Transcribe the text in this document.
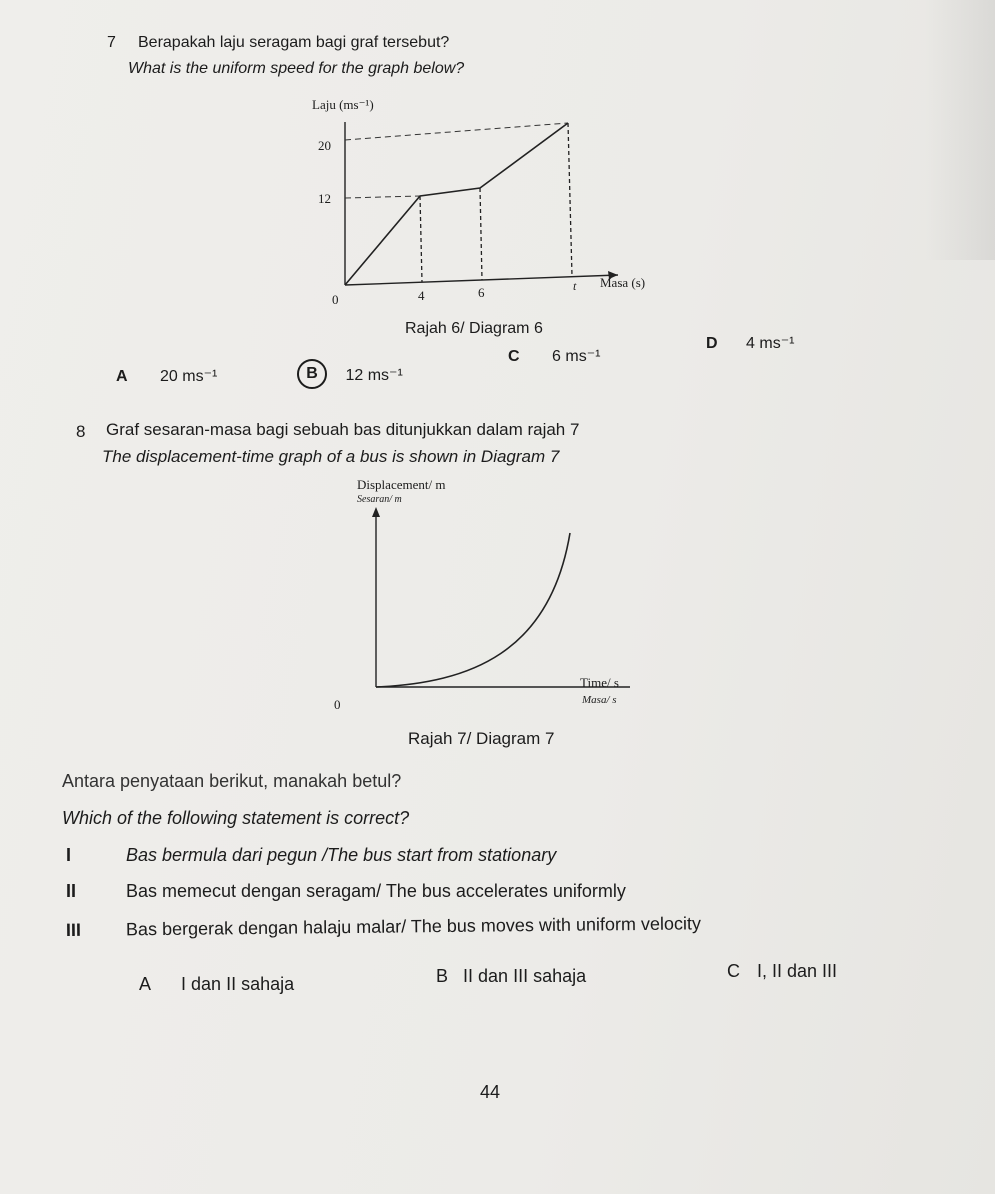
7 Berapakah laju seragam bagi graf tersebut?
What is the uniform speed for the graph below?
Laju (ms⁻¹)
20
12
0	4	6	t Masa (s)
Rajah 6/ Diagram 6
A 20 ms⁻¹	B 12 ms⁻¹
C 6 ms⁻¹
D 4 ms⁻¹
8 Graf sesaran-masa bagi sebuah bas ditunjukkan dalam rajah 7
The displacement-time graph of a bus is shown in Diagram 7
Displacement/ m
Sesaran/ m
0
Time/ s
Masa/ s
Rajah 7/ Diagram 7
Antara penyataan berikut, manakah betul?
Which of the following statement is correct?
I	Bas bermula dari pegun /The bus start from stationary
II	Bas memecut dengan seragam/ The bus accelerates uniformly
III Bas bergerak dengan halaju malar/ The bus moves with uniform velocity
A I dan II sahaja	B II dan III sahaja	C I, II dan III
44
